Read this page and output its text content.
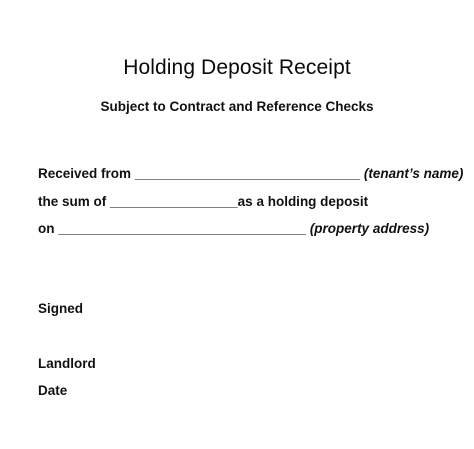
Holding Deposit Receipt
Subject to Contract and Reference Checks
Received from ______________________________ (tenant’s name)
the sum of _________________as a holding deposit
on _________________________________ (property address)
Signed
Landlord
Date
